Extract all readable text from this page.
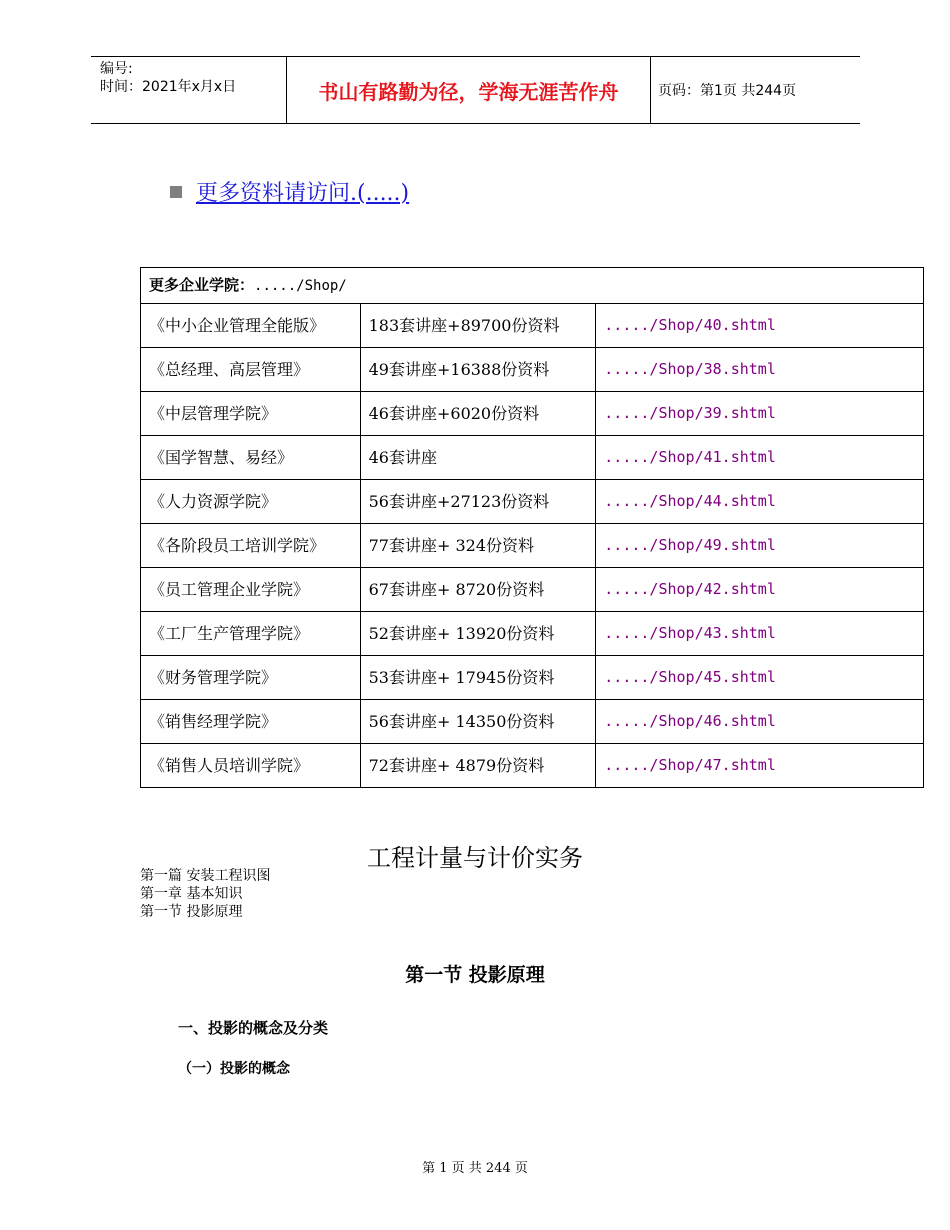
编号:
时间：2021年x月x日	书山有路勤为径，学海无涯苦作舟	页码：第1页 共244页
更多资料请访问.(.....)
更多企业学院：...../Shop/		
《中小企业管理全能版》	183套讲座+89700份资料	...../Shop/40.shtml
《总经理、高层管理》	49套讲座+16388份资料	...../Shop/38.shtml
《中层管理学院》	46套讲座+6020份资料	...../Shop/39.shtml
《国学智慧、易经》	46套讲座	...../Shop/41.shtml
《人力资源学院》	56套讲座+27123份资料	...../Shop/44.shtml
《各阶段员工培训学院》	77套讲座+ 324份资料	...../Shop/49.shtml
《员工管理企业学院》	67套讲座+ 8720份资料	...../Shop/42.shtml
《工厂生产管理学院》	52套讲座+ 13920份资料	...../Shop/43.shtml
《财务管理学院》	53套讲座+ 17945份资料	...../Shop/45.shtml
《销售经理学院》	56套讲座+ 14350份资料	...../Shop/46.shtml
《销售人员培训学院》	72套讲座+ 4879份资料	...../Shop/47.shtml
工程计量与计价实务
第一篇 安装工程识图
第一章 基本知识
第一节 投影原理
第一节 投影原理
一、投影的概念及分类
（一）投影的概念
第 1 页 共 244 页
